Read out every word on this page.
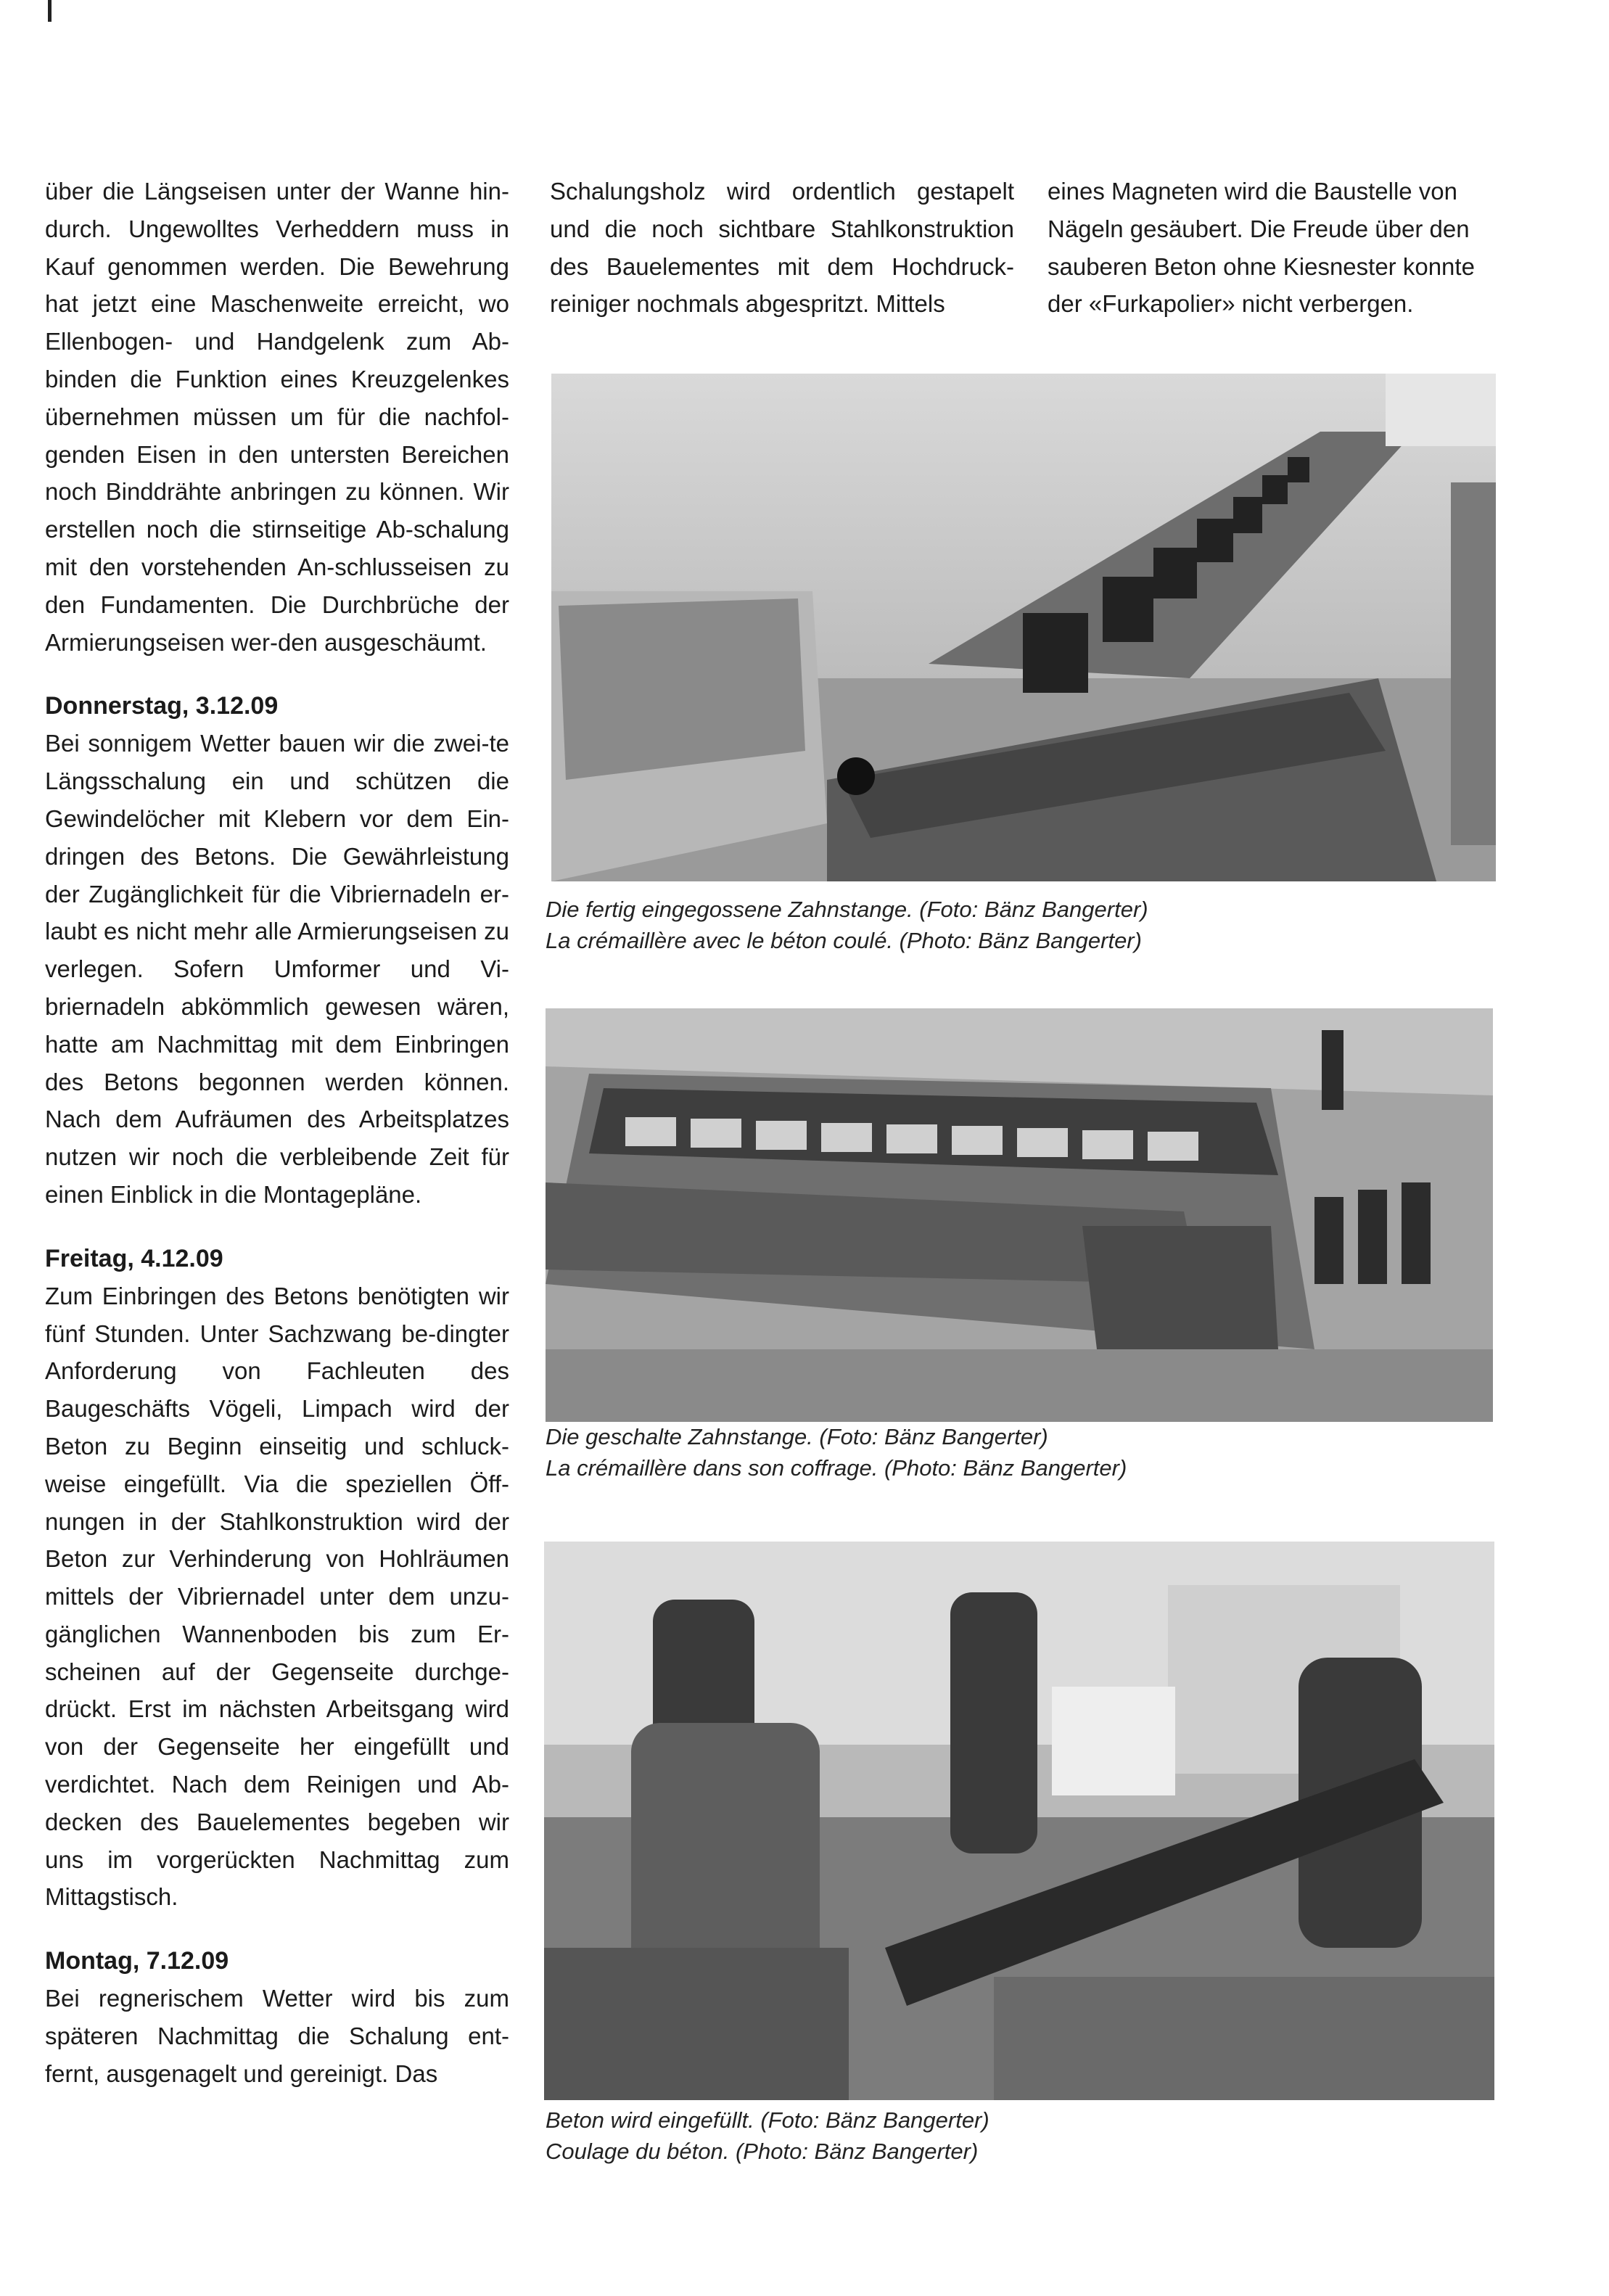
über die Längseisen unter der Wanne hin-durch. Ungewolltes Verheddern muss in Kauf genommen werden. Die Bewehrung hat jetzt eine Maschenweite erreicht, wo Ellenbogen- und Handgelenk zum Ab-binden die Funktion eines Kreuzgelenkes übernehmen müssen um für die nachfol-genden Eisen in den untersten Bereichen noch Binddrähte anbringen zu können. Wir erstellen noch die stirnseitige Ab-schalung mit den vorstehenden An-schlusseisen zu den Fundamenten. Die Durchbrüche der Armierungseisen wer-den ausgeschäumt.

Donnerstag, 3.12.09

Bei sonnigem Wetter bauen wir die zwei-te Längsschalung ein und schützen die Gewindelöcher mit Klebern vor dem Ein-dringen des Betons. Die Gewährleistung der Zugänglichkeit für die Vibriernadeln er-laubt es nicht mehr alle Armierungseisen zu verlegen. Sofern Umformer und Vi-briernadeln abkömmlich gewesen wären, hatte am Nachmittag mit dem Einbringen des Betons begonnen werden können. Nach dem Aufräumen des Arbeitsplatzes nutzen wir noch die verbleibende Zeit für einen Einblick in die Montagepläne.

Freitag, 4.12.09

Zum Einbringen des Betons benötigten wir fünf Stunden. Unter Sachzwang be-dingter Anforderung von Fachleuten des Baugeschäfts Vögeli, Limpach wird der Beton zu Beginn einseitig und schluck-weise eingefüllt. Via die speziellen Öff-nungen in der Stahlkonstruktion wird der Beton zur Verhinderung von Hohlräumen mittels der Vibriernadel unter dem unzu-gänglichen Wannenboden bis zum Er-scheinen auf der Gegenseite durchge-drückt. Erst im nächsten Arbeitsgang wird von der Gegenseite her eingefüllt und verdichtet. Nach dem Reinigen und Ab-decken des Bauelementes begeben wir uns im vorgerückten Nachmittag zum Mittagstisch.

Montag, 7.12.09

Bei regnerischem Wetter wird bis zum späteren Nachmittag die Schalung ent-fernt, ausgenagelt und gereinigt. Das

Schalungsholz wird ordentlich gestapelt und die noch sichtbare Stahlkonstruktion des Bauelementes mit dem Hochdruck-reiniger nochmals abgespritzt. Mittels

eines Magneten wird die Baustelle von Nägeln gesäubert. Die Freude über den sauberen Beton ohne Kiesnester konnte der «Furkapolier» nicht verbergen.

Die fertig eingegossene Zahnstange. (Foto: Bänz Bangerter)
La crémaillère avec le béton coulé. (Photo: Bänz Bangerter)
Die geschalte Zahnstange. (Foto: Bänz Bangerter)
La crémaillère dans son coffrage. (Photo: Bänz Bangerter)
Beton wird eingefüllt. (Foto: Bänz Bangerter)
Coulage du béton. (Photo: Bänz Bangerter)
